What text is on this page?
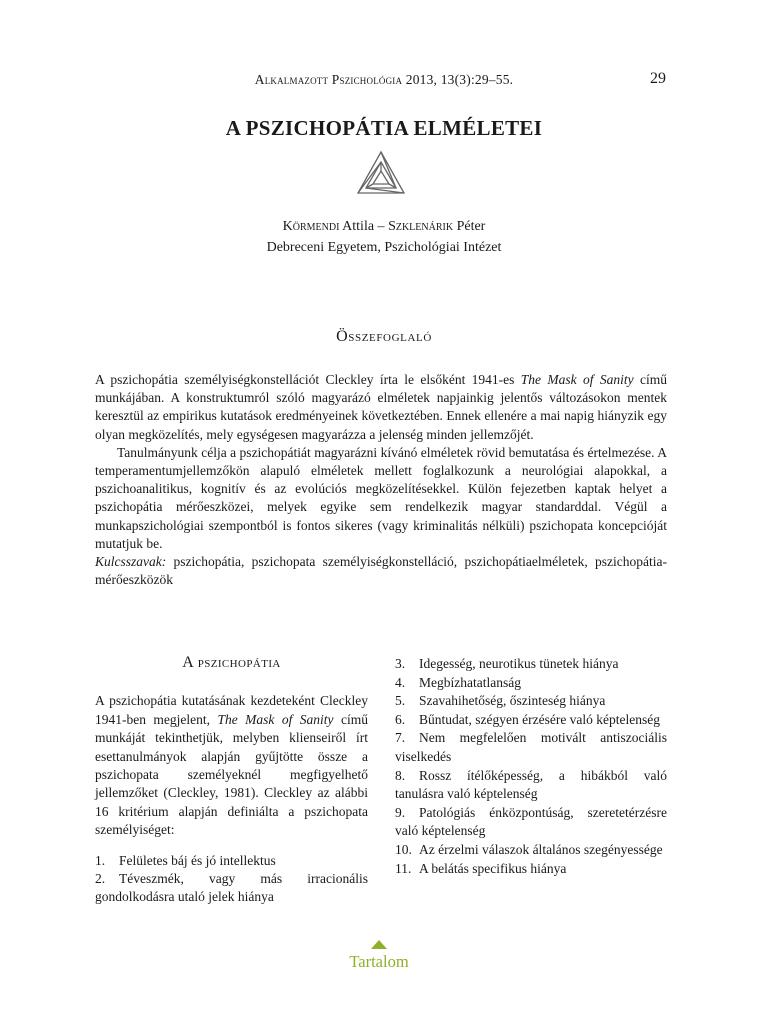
Alkalmazott Pszichológia 2013, 13(3):29–55.	29
A PSZICHOPÁTIA ELMÉLETEI
Körmendi Attila – Szklenárik Péter
Debreceni Egyetem, Pszichológiai Intézet
Összefoglaló

A pszichopátia személyiségkonstellációt Cleckley írta le elsőként 1941-es The Mask of Sanity című munkájában. A konstruktumról szóló magyarázó elméletek napjainkig jelentős változásokon mentek keresztül az empirikus kutatások eredményeinek következtében. Ennek ellenére a mai napig hiányzik egy olyan megközelítés, mely egységesen magyarázza a jelenség minden jellemzőjét.

Tanulmányunk célja a pszichopátiát magyarázni kívánó elméletek rövid bemutatása és értelmezése. A temperamentumjellemzőkön alapuló elméletek mellett foglalkozunk a neurológiai alapokkal, a pszichoanalitikus, kognitív és az evolúciós megközelítésekkel. Külön fejezetben kaptak helyet a pszichopátia mérőeszközei, melyek egyike sem rendelkezik magyar standarddal. Végül a munkapszichológiai szempontból is fontos sikeres (vagy kriminalitás nélküli) pszichopata koncepcióját mutatjuk be.

Kulcsszavak: pszichopátia, pszichopata személyiségkonstelláció, pszichopátiaelméletek, pszichopátia-mérőeszközök

A pszichopátia

A pszichopátia kutatásának kezdeteként Cleckley 1941-ben megjelent, The Mask of Sanity című munkáját tekinthetjük, melyben klienseiről írt esettanulmányok alapján gyűjtötte össze a pszichopata személyeknél megfigyelhető jellemzőket (Cleckley, 1981). Cleckley az alábbi 16 kritérium alapján definiálta a pszichopata személyiséget:

1. Felületes báj és jó intellektus
2. Téveszmék, vagy más irracionális gondolkodásra utaló jelek hiánya
3. Idegesség, neurotikus tünetek hiánya
4. Megbízhatatlanság
5. Szavahihetőség, őszinteség hiánya
6. Bűntudat, szégyen érzésére való képtelenség
7. Nem megfelelően motivált antiszociális viselkedés
8. Rossz ítélőképesség, a hibákból való tanulásra való képtelenség
9. Patológiás énközpontúság, szeretetérzésre való képtelenség
10. Az érzelmi válaszok általános szegényessége
11. A belátás specifikus hiánya
Tartalom
